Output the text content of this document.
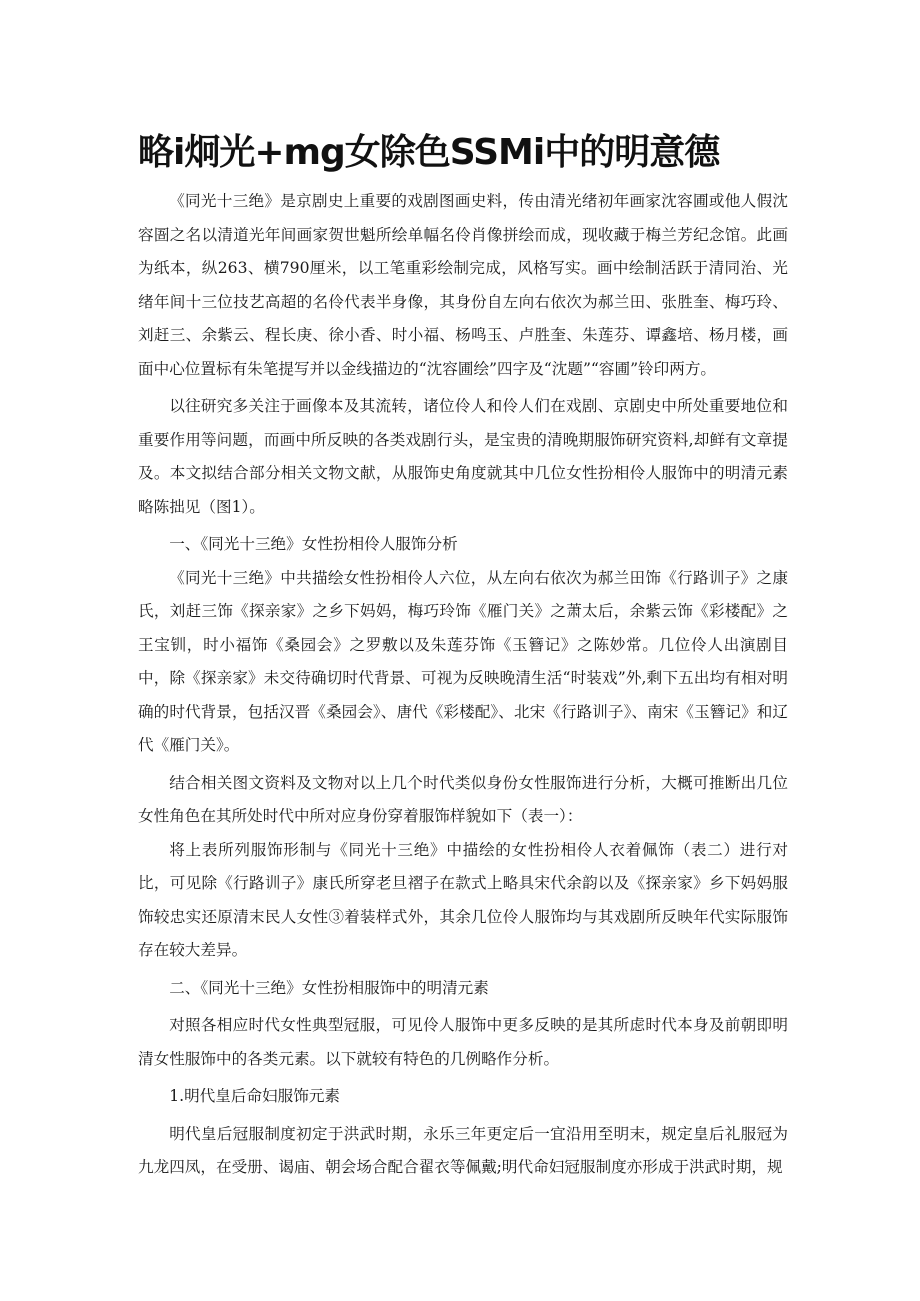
略i炯光+mg女除色SSMi中的明意德

《同光十三绝》是京剧史上重要的戏剧图画史料，传由清光绪初年画家沈容圃或他人假沈容圄之名以清道光年间画家贺世魁所绘单幅名伶肖像拼绘而成，现收藏于梅兰芳纪念馆。此画为纸本，纵263、横790厘米，以工笔重彩绘制完成，风格写实。画中绘制活跃于清同治、光绪年间十三位技艺高超的名伶代表半身像，其身份自左向右依次为郝兰田、张胜奎、梅巧玲、刘赶三、余紫云、程长庚、徐小香、时小福、杨鸣玉、卢胜奎、朱莲芬、谭鑫培、杨月楼，画面中心位置标有朱笔提写并以金线描边的“沈容圃绘”四字及“沈题”“容圃”铃印两方。

以往研究多关注于画像本及其流转，诸位伶人和伶人们在戏剧、京剧史中所处重要地位和重要作用等问题，而画中所反映的各类戏剧行头，是宝贵的清晚期服饰研究资料,却鲜有文章提及。本文拟结合部分相关文物文献，从服饰史角度就其中几位女性扮相伶人服饰中的明清元素略陈拙见（图1）。

一、《同光十三绝》女性扮相伶人服饰分析

《同光十三绝》中共描绘女性扮相伶人六位，从左向右依次为郝兰田饰《行路训子》之康氏，刘赶三饰《探亲家》之乡下妈妈，梅巧玲饰《雁门关》之萧太后，余紫云饰《彩楼配》之王宝钏，时小福饰《桑园会》之罗敷以及朱莲芬饰《玉簪记》之陈妙常。几位伶人出演剧目中，除《探亲家》未交待确切时代背景、可视为反映晚清生活“时装戏”外,剩下五出均有相对明确的时代背景，包括汉晋《桑园会》、唐代《彩楼配》、北宋《行路训子》、南宋《玉簪记》和辽代《雁门关》。

结合相关图文资料及文物对以上几个时代类似身份女性服饰进行分析，大概可推断出几位女性角色在其所处时代中所对应身份穿着服饰样貌如下（表一）：

将上表所列服饰形制与《同光十三绝》中描绘的女性扮相伶人衣着佩饰（表二）进行对比，可见除《行路训子》康氏所穿老旦褶子在款式上略具宋代余韵以及《探亲家》乡下妈妈服饰较忠实还原清末民人女性③着装样式外，其余几位伶人服饰均与其戏剧所反映年代实际服饰存在较大差异。

二、《同光十三绝》女性扮相服饰中的明清元素

对照各相应时代女性典型冠服，可见伶人服饰中更多反映的是其所虑时代本身及前朝即明清女性服饰中的各类元素。以下就较有特色的几例略作分析。

1.明代皇后命妇服饰元素

明代皇后冠服制度初定于洪武时期，永乐三年更定后一宜沿用至明末，规定皇后礼服冠为九龙四凤，在受册、谒庙、朝会场合配合翟衣等佩戴;明代命妇冠服制度亦形成于洪武时期，规
